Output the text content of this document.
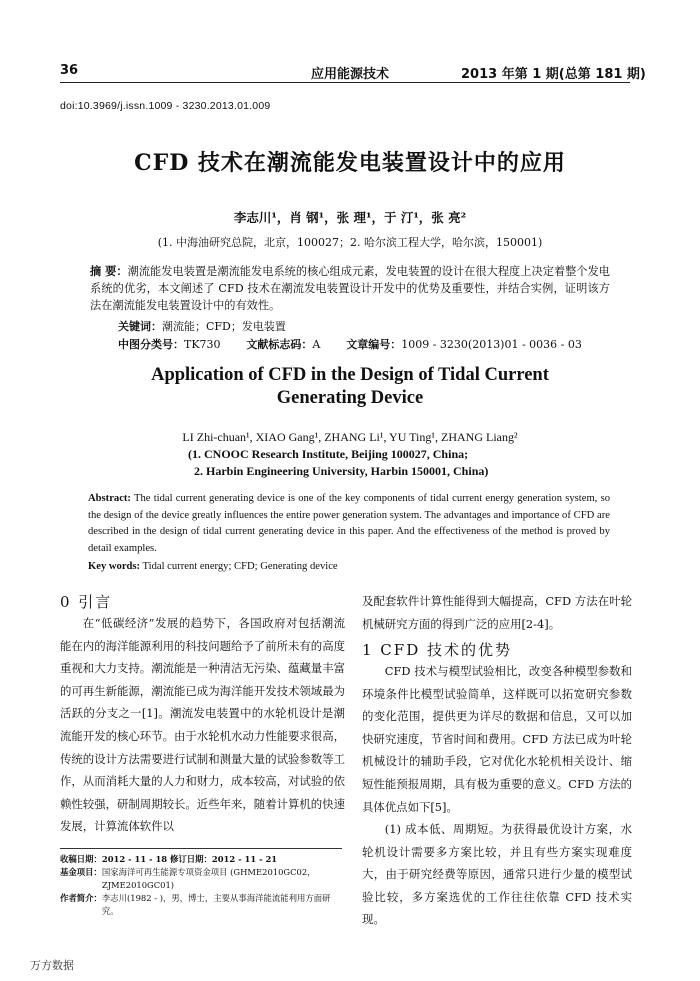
36	应用能源技术	2013 年第 1 期(总第 181 期)
doi:10.3969/j.issn.1009 - 3230.2013.01.009
CFD 技术在潮流能发电装置设计中的应用
李志川¹，肖 钢¹，张 理¹，于 汀¹，张 亮²
(1. 中海油研究总院，北京，100027；2. 哈尔滨工程大学，哈尔滨，150001)
摘 要：潮流能发电装置是潮流能发电系统的核心组成元素，发电装置的设计在很大程度上决定着整个发电系统的优劣，本文阐述了 CFD 技术在潮流发电装置设计开发中的优势及重要性，并结合实例，证明该方法在潮流能发电装置设计中的有效性。
关键词：潮流能；CFD；发电装置
中图分类号：TK730 文献标志码：A 文章编号：1009 - 3230(2013)01 - 0036 - 03
Application of CFD in the Design of Tidal Current
Generating Device
LI Zhi-chuan¹, XIAO Gang¹, ZHANG Li¹, YU Ting¹, ZHANG Liang²
(1. CNOOC Research Institute, Beijing 100027, China;
2. Harbin Engineering University, Harbin 150001, China)
Abstract: The tidal current generating device is one of the key components of tidal current energy generation system, so the design of the device greatly influences the entire power generation system. The advantages and importance of CFD are described in the design of tidal current generating device in this paper. And the effectiveness of the method is proved by detail examples.
Key words: Tidal current energy; CFD; Generating device
0 引言
在“低碳经济”发展的趋势下，各国政府对包括潮流能在内的海洋能源利用的科技问题给予了前所未有的高度重视和大力支持。潮流能是一种清洁无污染、蕴藏量丰富的可再生新能源，潮流能已成为海洋能开发技术领域最为活跃的分支之一[1]。潮流发电装置中的水轮机设计是潮流能开发的核心环节。由于水轮机水动力性能要求很高，传统的设计方法需要进行试制和测量大量的试验参数等工作，从而消耗大量的人力和财力，成本较高，对试验的依赖性较强，研制周期较长。近些年来，随着计算机的快速发展，计算流体软件以
收稿日期：2012 - 11 - 18 修订日期：2012 - 11 - 21
基金项目： 国家海洋可再生能源专项资金项目 (GHME2010GC02，ZJME2010GC01)
作者简介： 李志川(1982 - )，男，博士，主要从事海洋能流能利用方面研究。
及配套软件计算性能得到大幅提高，CFD 方法在叶轮机械研究方面的得到广泛的应用[2-4]。
1 CFD 技术的优势
CFD 技术与模型试验相比，改变各种模型参数和环境条件比模型试验简单，这样既可以拓宽研究参数的变化范围，提供更为详尽的数据和信息，又可以加快研究速度，节省时间和费用。CFD 方法已成为叶轮机械设计的辅助手段，它对优化水轮机相关设计、缩短性能预报周期，具有极为重要的意义。CFD 方法的具体优点如下[5]。
(1) 成本低、周期短。为获得最优设计方案，水轮机设计需要多方案比较，并且有些方案实现难度大，由于研究经费等原因，通常只进行少量的模型试验比较，多方案选优的工作往往依靠 CFD 技术实现。
万方数据
